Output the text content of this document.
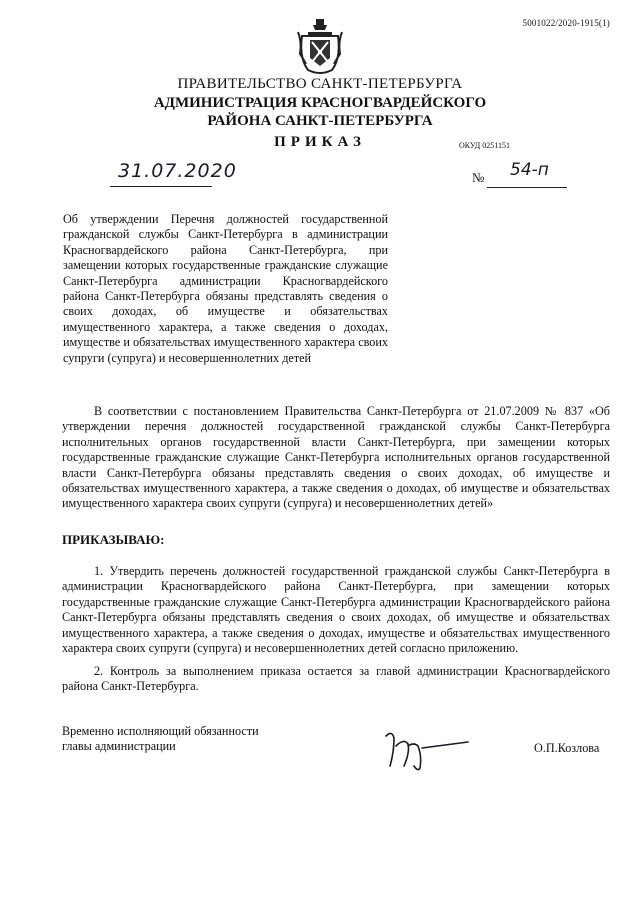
5001022/2020-1915(1)
ПРАВИТЕЛЬСТВО САНКТ-ПЕТЕРБУРГА
АДМИНИСТРАЦИЯ КРАСНОГВАРДЕЙСКОГО
РАЙОНА САНКТ-ПЕТЕРБУРГА
ПРИКАЗ	ОКУД 0251151
31.07.2020	№ 54-п
Об утверждении Перечня должностей государственной гражданской службы Санкт-Петербурга в администрации Красногвардейского района Санкт-Петербурга, при замещении которых государственные гражданские служащие Санкт-Петербурга администрации Красногвардейского района Санкт-Петербурга обязаны представлять сведения о своих доходах, об имуществе и обязательствах имущественного характера, а также сведения о доходах, имуществе и обязательствах имущественного характера своих супруги (супруга) и несовершеннолетних детей
В соответствии с постановлением Правительства Санкт-Петербурга от 21.07.2009 № 837 «Об утверждении перечня должностей государственной гражданской службы Санкт-Петербурга исполнительных органов государственной власти Санкт-Петербурга, при замещении которых государственные гражданские служащие Санкт-Петербурга исполнительных органов государственной власти Санкт-Петербурга обязаны представлять сведения о своих доходах, об имуществе и обязательствах имущественного характера, а также сведения о доходах, об имуществе и обязательствах имущественного характера своих супруги (супруга) и несовершеннолетних детей»
ПРИКАЗЫВАЮ:
1. Утвердить перечень должностей государственной гражданской службы Санкт-Петербурга в администрации Красногвардейского района Санкт-Петербурга, при замещении которых государственные гражданские служащие Санкт-Петербурга администрации Красногвардейского района Санкт-Петербурга обязаны представлять сведения о своих доходах, об имуществе и обязательствах имущественного характера, а также сведения о доходах, имуществе и обязательствах имущественного характера своих супруги (супруга) и несовершеннолетних детей согласно приложению.
2. Контроль за выполнением приказа остается за главой администрации Красногвардейского района Санкт-Петербурга.
Временно исполняющий обязанности
главы администрации	О.П.Козлова
